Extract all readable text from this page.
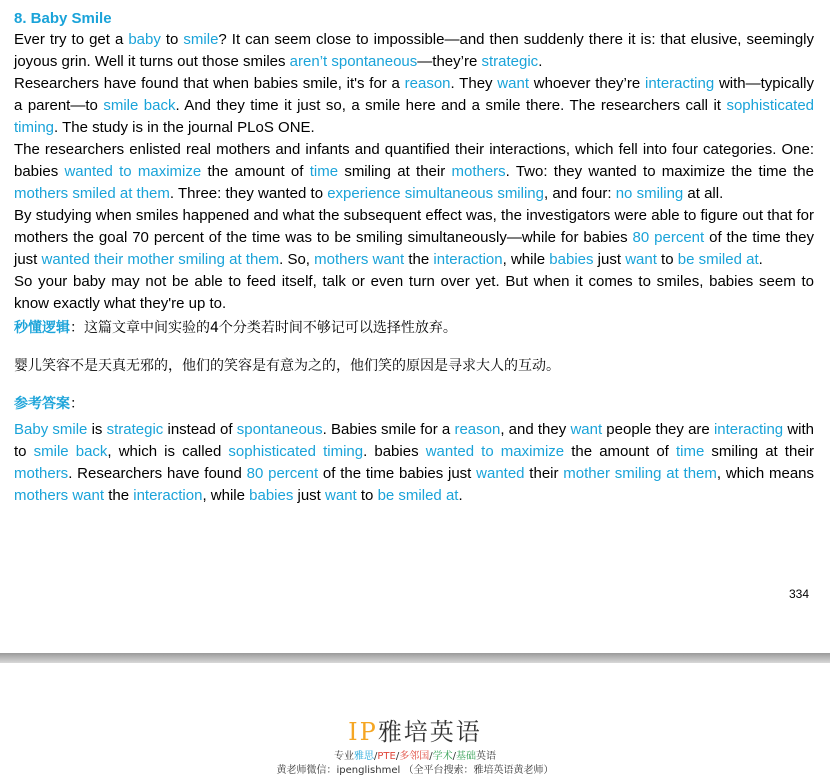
8. Baby Smile

Ever try to get a baby to smile? It can seem close to impossible—and then suddenly there it is: that elusive, seemingly joyous grin. Well it turns out those smiles aren’t spontaneous—they’re strategic.

Researchers have found that when babies smile, it's for a reason. They want whoever they’re interacting with—typically a parent—to smile back. And they time it just so, a smile here and a smile there. The researchers call it sophisticated timing. The study is in the journal PLoS ONE.

The researchers enlisted real mothers and infants and quantified their interactions, which fell into four categories. One: babies wanted to maximize the amount of time smiling at their mothers. Two: they wanted to maximize the time the mothers smiled at them. Three: they wanted to experience simultaneous smiling, and four: no smiling at all.

By studying when smiles happened and what the subsequent effect was, the investigators were able to figure out that for mothers the goal 70 percent of the time was to be smiling simultaneously—while for babies 80 percent of the time they just wanted their mother smiling at them. So, mothers want the interaction, while babies just want to be smiled at.

So your baby may not be able to feed itself, talk or even turn over yet. But when it comes to smiles, babies seem to know exactly what they're up to.

秒懂逻辑：这篇文章中间实验的4个分类若时间不够记可以选择性放弃。

婴儿笑容不是天真无邪的，他们的笑容是有意为之的，他们笑的原因是寻求大人的互动。

参考答案：

Baby smile is strategic instead of spontaneous. Babies smile for a reason, and they want people they are interacting with to smile back, which is called sophisticated timing. babies wanted to maximize the amount of time smiling at their mothers. Researchers have found 80 percent of the time babies just wanted their mother smiling at them, which means mothers want the interaction, while babies just want to be smiled at.

334
IP雅培英语
专业雅思/PTE/多邻国/学术/基础英语
黄老师微信：ipenglishmel （全平台搜索：雅培英语黄老师）
